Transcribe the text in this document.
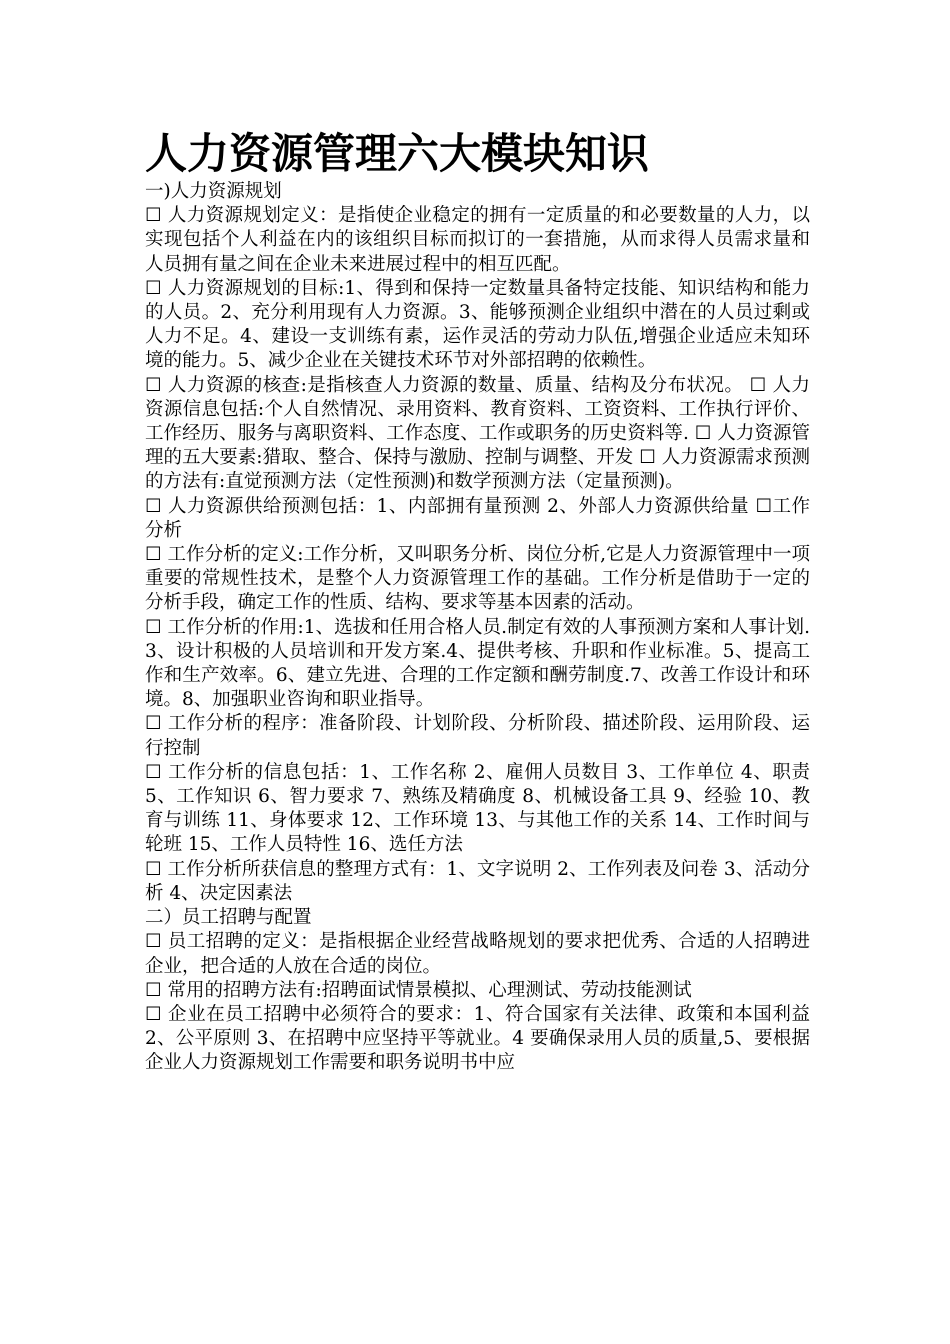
人力资源管理六大模块知识

一)人力资源规划

☐ 人力资源规划定义：是指使企业稳定的拥有一定质量的和必要数量的人力，以实现包括个人利益在内的该组织目标而拟订的一套措施，从而求得人员需求量和人员拥有量之间在企业未来进展过程中的相互匹配。

☐ 人力资源规划的目标:1、得到和保持一定数量具备特定技能、知识结构和能力的人员。2、充分利用现有人力资源。3、能够预测企业组织中潜在的人员过剩或人力不足。4、建设一支训练有素，运作灵活的劳动力队伍,增强企业适应未知环境的能力。5、减少企业在关键技术环节对外部招聘的依赖性。

☐ 人力资源的核查:是指核查人力资源的数量、质量、结构及分布状况。 ☐ 人力资源信息包括:个人自然情况、录用资料、教育资料、工资资料、工作执行评价、工作经历、服务与离职资料、工作态度、工作或职务的历史资料等. ☐ 人力资源管理的五大要素:猎取、整合、保持与激励、控制与调整、开发 ☐ 人力资源需求预测的方法有:直觉预测方法（定性预测)和数学预测方法（定量预测)。

☐ 人力资源供给预测包括：1、内部拥有量预测 2、外部人力资源供给量 ☐工作分析

☐ 工作分析的定义:工作分析，又叫职务分析、岗位分析,它是人力资源管理中一项重要的常规性技术，是整个人力资源管理工作的基础。工作分析是借助于一定的分析手段，确定工作的性质、结构、要求等基本因素的活动。

☐ 工作分析的作用:1、选拔和任用合格人员.制定有效的人事预测方案和人事计划.3、设计积极的人员培训和开发方案.4、提供考核、升职和作业标准。5、提高工作和生产效率。6、建立先进、合理的工作定额和酬劳制度.7、改善工作设计和环境。8、加强职业咨询和职业指导。

☐ 工作分析的程序：准备阶段、计划阶段、分析阶段、描述阶段、运用阶段、运行控制

☐ 工作分析的信息包括：1、工作名称 2、雇佣人员数目 3、工作单位 4、职责 5、工作知识 6、智力要求 7、熟练及精确度 8、机械设备工具 9、经验 10、教育与训练 11、身体要求 12、工作环境 13、与其他工作的关系 14、工作时间与轮班 15、工作人员特性 16、选任方法

☐ 工作分析所获信息的整理方式有：1、文字说明 2、工作列表及问卷 3、活动分析 4、决定因素法

二）员工招聘与配置

☐ 员工招聘的定义：是指根据企业经营战略规划的要求把优秀、合适的人招聘进企业，把合适的人放在合适的岗位。

☐ 常用的招聘方法有:招聘面试情景模拟、心理测试、劳动技能测试

☐ 企业在员工招聘中必须符合的要求：1、符合国家有关法律、政策和本国利益 2、公平原则 3、在招聘中应坚持平等就业。4 要确保录用人员的质量,5、要根据企业人力资源规划工作需要和职务说明书中应
